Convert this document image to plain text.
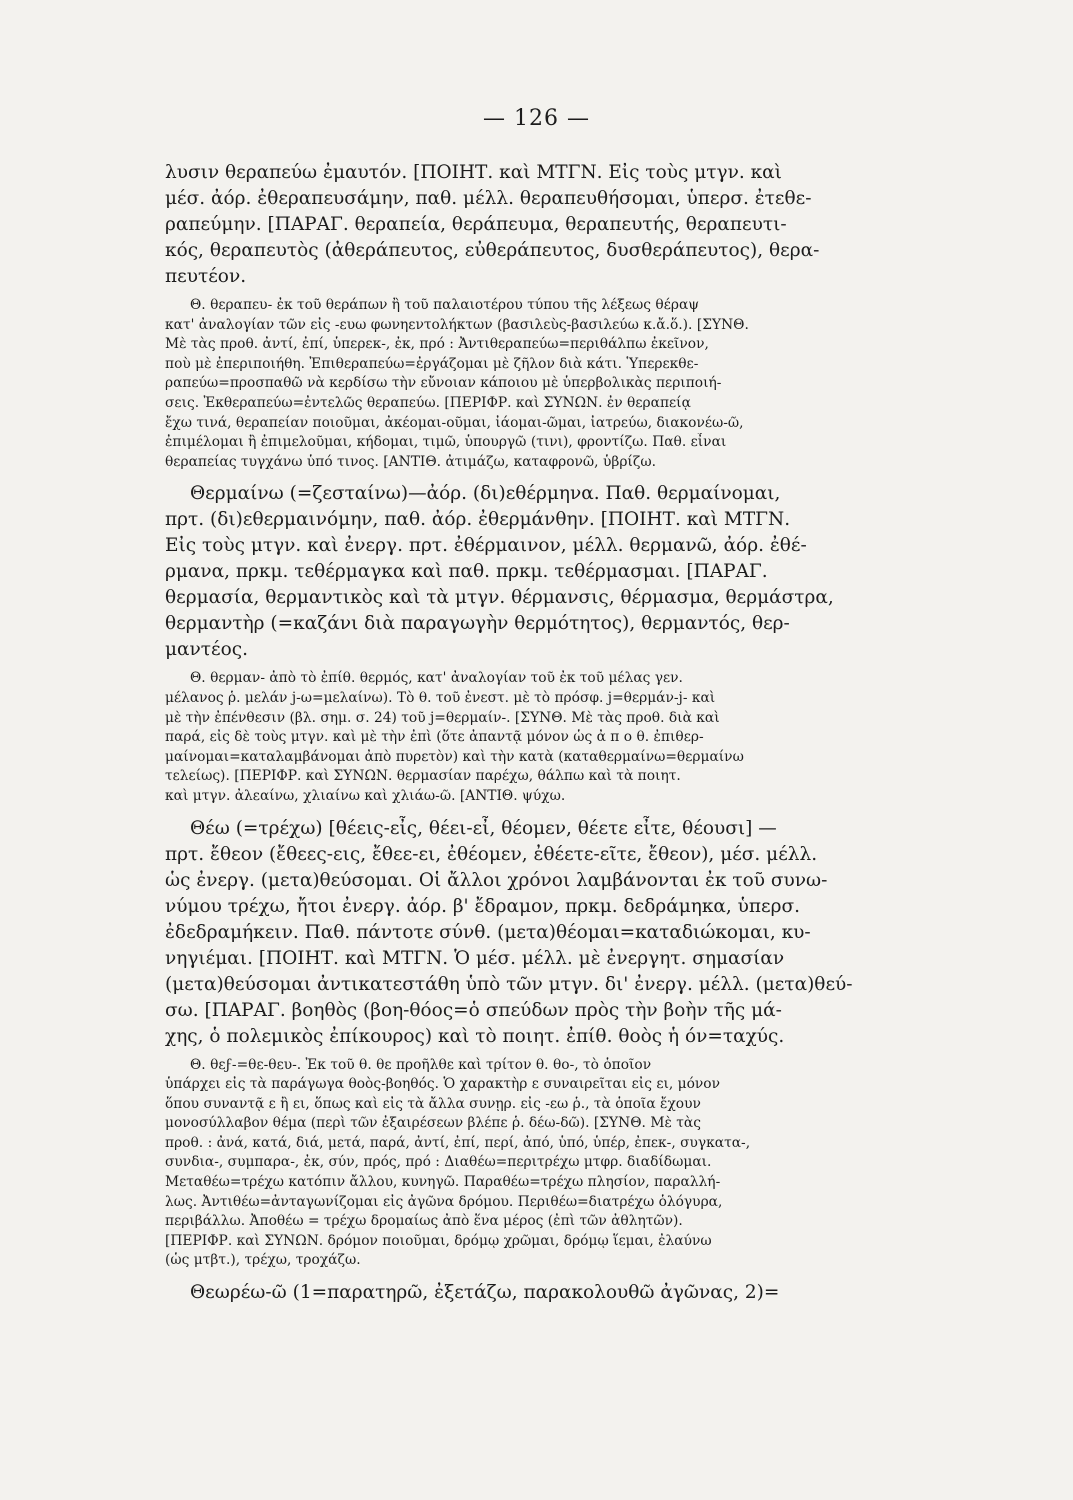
— 126 —
λυσιν θεραπεύω ἐμαυτόν. [ΠΟΙΗΤ. καὶ ΜΤΓΝ. Εἰς τοὺς μτγν. καὶ
μέσ. ἀόρ. ἐθεραπευσάμην, παθ. μέλλ. θεραπευθήσομαι, ὑπερσ. ἐτεθε-
ραπεύμην. [ΠΑΡΑΓ. θεραπεία, θεράπευμα, θεραπευτής, θεραπευτι-
κός, θεραπευτὸς (ἀθεράπευτος, εὐθεράπευτος, δυσθεράπευτος), θερα-
πευτέον.
Θ. θεραπευ- ἐκ τοῦ θεράπων ἢ τοῦ παλαιοτέρου τύπου τῆς λέξεως θέραψ
κατ' ἀναλογίαν τῶν εἰς -ευω φωνηεντολήκτων (βασιλεὺς-βασιλεύω κ.ἄ.ὅ.). [ΣΥΝΘ.
Μὲ τὰς προθ. ἀντί, ἐπί, ὑπερεκ-, ἐκ, πρό : Ἀντιθεραπεύω=περιθάλπω ἐκεῖνον,
ποὺ μὲ ἐπεριποιήθη. Ἐπιθεραπεύω=ἐργάζομαι μὲ ζῆλον διὰ κάτι. Ὑπερεκθε-
ραπεύω=προσπαθῶ νὰ κερδίσω τὴν εὔνοιαν κάποιου μὲ ὑπερβολικὰς περιποιή-
σεις. Ἐκθεραπεύω=ἐντελῶς θεραπεύω. [ΠΕΡΙΦΡ. καὶ ΣΥΝΩΝ. ἐν θεραπείᾳ
ἔχω τινά, θεραπείαν ποιοῦμαι, ἀκέομαι-οῦμαι, ἰάομαι-ῶμαι, ἰατρεύω, διακονέω-ῶ,
ἐπιμέλομαι ἢ ἐπιμελοῦμαι, κήδομαι, τιμῶ, ὑπουργῶ (τινι), φροντίζω. Παθ. εἶναι
θεραπείας τυγχάνω ὑπό τινος. [ΑΝΤΙΘ. ἀτιμάζω, καταφρονῶ, ὑβρίζω.
Θερμαίνω (=ζεσταίνω)—ἀόρ. (δι)εθέρμηνα. Παθ. θερμαίνομαι,
πρτ. (δι)εθερμαινόμην, παθ. ἀόρ. ἐθερμάνθην. [ΠΟΙΗΤ. καὶ ΜΤΓΝ.
Εἰς τοὺς μτγν. καὶ ἐνεργ. πρτ. ἐθέρμαινον, μέλλ. θερμανῶ, ἀόρ. ἐθέ-
ρμανα, πρκμ. τεθέρμαγκα καὶ παθ. πρκμ. τεθέρμασμαι. [ΠΑΡΑΓ.
θερμασία, θερμαντικὸς καὶ τὰ μτγν. θέρμανσις, θέρμασμα, θερμάστρα,
θερμαντὴρ (=καζάνι διὰ παραγωγὴν θερμότητος), θερμαντός, θερ-
μαντέος.
Θ. θερμαν- ἀπὸ τὸ ἐπίθ. θερμός, κατ' ἀναλογίαν τοῦ ἐκ τοῦ μέλας γεν.
μέλανος ῥ. μελάν j-ω=μελαίνω). Τὸ θ. τοῦ ἐνεστ. μὲ τὸ πρόσφ. j=θερμάν-j- καὶ
μὲ τὴν ἐπένθεσιν (βλ. σημ. σ. 24) τοῦ j=θερμαίν-. [ΣΥΝΘ. Μὲ τὰς προθ. διὰ καὶ
παρά, εἰς δὲ τοὺς μτγν. καὶ μὲ τὴν ἐπὶ (ὅτε ἀπαντᾷ μόνον ὡς ἀ π ο θ. ἐπιθερ-
μαίνομαι=καταλαμβάνομαι ἀπὸ πυρετὸν) καὶ τὴν κατὰ (καταθερμαίνω=θερμαίνω
τελείως). [ΠΕΡΙΦΡ. καὶ ΣΥΝΩΝ. θερμασίαν παρέχω, θάλπω καὶ τὰ ποιητ.
καὶ μτγν. ἀλεαίνω, χλιαίνω καὶ χλιάω-ῶ. [ΑΝΤΙΘ. ψύχω.
Θέω (=τρέχω) [θέεις-εἶς, θέει-εἶ, θέομεν, θέετε εἶτε, θέουσι] —
πρτ. ἔθεον (ἔθεες-εις, ἔθεε-ει, ἐθέομεν, ἐθέετε-εῖτε, ἔθεον), μέσ. μέλλ.
ὡς ἐνεργ. (μετα)θεύσομαι. Οἱ ἄλλοι χρόνοι λαμβάνονται ἐκ τοῦ συνω-
νύμου τρέχω, ἤτοι ἐνεργ. ἀόρ. β' ἔδραμον, πρκμ. δεδράμηκα, ὑπερσ.
ἐδεδραμήκειν. Παθ. πάντοτε σύνθ. (μετα)θέομαι=καταδιώκομαι, κυ-
νηγιέμαι. [ΠΟΙΗΤ. καὶ ΜΤΓΝ. Ὁ μέσ. μέλλ. μὲ ἐνεργητ. σημασίαν
(μετα)θεύσομαι ἀντικατεστάθη ὑπὸ τῶν μτγν. δι' ἐνεργ. μέλλ. (μετα)θεύ-
σω. [ΠΑΡΑΓ. βοηθὸς (βοη-θόος=ὁ σπεύδων πρὸς τὴν βοὴν τῆς μά-
χης, ὁ πολεμικὸς ἐπίκουρος) καὶ τὸ ποιητ. ἐπίθ. θοὸς ἡ όν=ταχύς.
Θ. θεϝ-=θε-θευ-. Ἐκ τοῦ θ. θε προῆλθε καὶ τρίτον θ. θο-, τὸ ὁποῖον
ὑπάρχει εἰς τὰ παράγωγα θοὸς-βοηθός. Ὁ χαρακτὴρ ε συναιρεῖται εἰς ει, μόνον
ὅπου συναντᾷ ε ἢ ει, ὅπως καὶ εἰς τὰ ἄλλα συνῃρ. εἰς -εω ῥ., τὰ ὁποῖα ἔχουν
μονοσύλλαβον θέμα (περὶ τῶν ἐξαιρέσεων βλέπε ῥ. δέω-δῶ). [ΣΥΝΘ. Μὲ τὰς
προθ. : ἀνά, κατά, διά, μετά, παρά, ἀντί, ἐπί, περί, ἀπό, ὑπό, ὑπέρ, ἐπεκ-, συγκατα-,
συνδια-, συμπαρα-, ἐκ, σύν, πρός, πρό : Διαθέω=περιτρέχω μτφρ. διαδίδωμαι.
Μεταθέω=τρέχω κατόπιν ἄλλου, κυνηγῶ. Παραθέω=τρέχω πλησίον, παραλλή-
λως. Ἀντιθέω=ἀνταγωνίζομαι εἰς ἀγῶνα δρόμου. Περιθέω=διατρέχω ὁλόγυρα,
περιβάλλω. Ἀποθέω = τρέχω δρομαίως ἀπὸ ἕνα μέρος (ἐπὶ τῶν ἀθλητῶν).
[ΠΕΡΙΦΡ. καὶ ΣΥΝΩΝ. δρόμον ποιοῦμαι, δρόμῳ χρῶμαι, δρόμῳ ἵεμαι, ἐλαύνω
(ὡς μτβτ.), τρέχω, τροχάζω.
Θεωρέω-ῶ (1=παρατηρῶ, ἐξετάζω, παρακολουθῶ ἀγῶνας, 2)=
